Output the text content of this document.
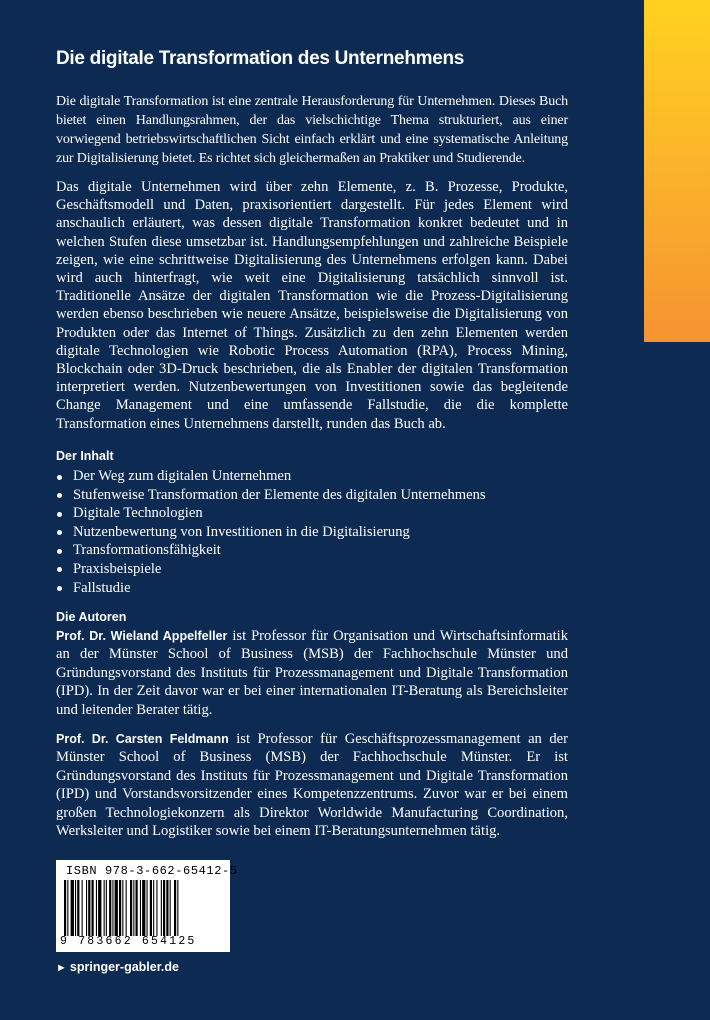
Die digitale Transformation des Unternehmens
Die digitale Transformation ist eine zentrale Herausforderung für Unternehmen. Dieses Buch bietet einen Handlungsrahmen, der das vielschichtige Thema strukturiert, aus einer vorwiegend betriebswirtschaftlichen Sicht einfach erklärt und eine systematische Anleitung zur Digitalisierung bietet. Es richtet sich gleichermaßen an Praktiker und Studierende.
Das digitale Unternehmen wird über zehn Elemente, z. B. Prozesse, Produkte, Geschäftsmodell und Daten, praxisorientiert dargestellt. Für jedes Element wird anschaulich erläutert, was dessen digitale Transformation konkret bedeutet und in welchen Stufen diese umsetzbar ist. Handlungsempfehlungen und zahlreiche Beispiele zeigen, wie eine schrittweise Digitalisierung des Unternehmens erfolgen kann. Dabei wird auch hinterfragt, wie weit eine Digitalisierung tatsächlich sinnvoll ist. Traditionelle Ansätze der digitalen Transformation wie die Prozess-Digitalisierung werden ebenso beschrieben wie neuere Ansätze, beispielsweise die Digitalisierung von Produkten oder das Internet of Things. Zusätzlich zu den zehn Elementen werden digitale Technologien wie Robotic Process Automation (RPA), Process Mining, Blockchain oder 3D-Druck beschrieben, die als Enabler der digitalen Transformation interpretiert werden. Nutzenbewertungen von Investitionen sowie das begleitende Change Management und eine umfassende Fallstudie, die die komplette Transformation eines Unternehmens darstellt, runden das Buch ab.
Der Inhalt
Der Weg zum digitalen Unternehmen
Stufenweise Transformation der Elemente des digitalen Unternehmens
Digitale Technologien
Nutzenbewertung von Investitionen in die Digitalisierung
Transformationsfähigkeit
Praxisbeispiele
Fallstudie
Die Autoren
Prof. Dr. Wieland Appelfeller ist Professor für Organisation und Wirtschaftsinformatik an der Münster School of Business (MSB) der Fachhochschule Münster und Gründungsvorstand des Instituts für Prozessmanagement und Digitale Transformation (IPD). In der Zeit davor war er bei einer internationalen IT-Beratung als Bereichsleiter und leitender Berater tätig.
Prof. Dr. Carsten Feldmann ist Professor für Geschäftsprozessmanagement an der Münster School of Business (MSB) der Fachhochschule Münster. Er ist Gründungsvorstand des Instituts für Prozessmanagement und Digitale Transformation (IPD) und Vorstandsvorsitzender eines Kompetenzzentrums. Zuvor war er bei einem großen Technologiekonzern als Direktor Worldwide Manufacturing Coordination, Werksleiter und Logistiker sowie bei einem IT-Beratungsunternehmen tätig.
ISBN 978-3-662-65412-5
9 783662 654125
► springer-gabler.de
